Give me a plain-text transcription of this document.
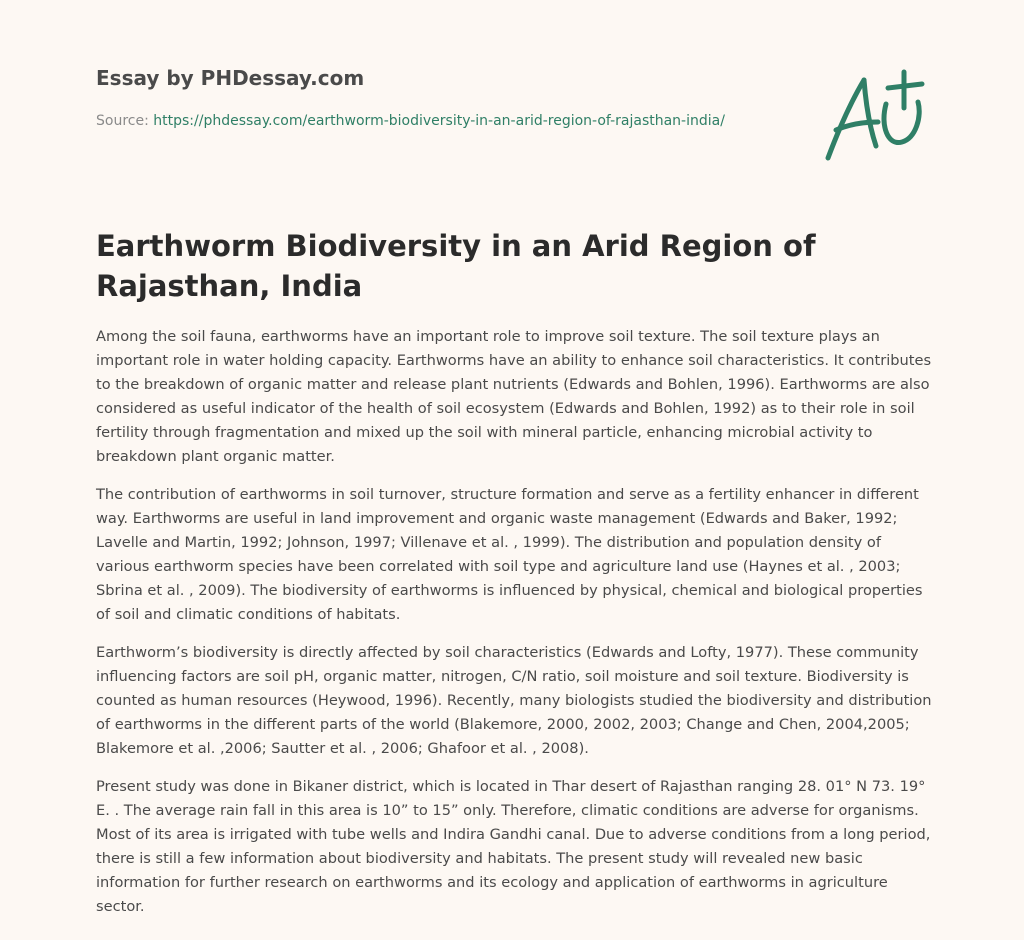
Essay by PHDessay.com
Source: https://phdessay.com/earthworm-biodiversity-in-an-arid-region-of-rajasthan-india/
Earthworm Biodiversity in an Arid Region of Rajasthan, India

Among the soil fauna, earthworms have an important role to improve soil texture. The soil texture plays an important role in water holding capacity. Earthworms have an ability to enhance soil characteristics. It contributes to the breakdown of organic matter and release plant nutrients (Edwards and Bohlen, 1996). Earthworms are also considered as useful indicator of the health of soil ecosystem (Edwards and Bohlen, 1992) as to their role in soil fertility through fragmentation and mixed up the soil with mineral particle, enhancing microbial activity to breakdown plant organic matter.

The contribution of earthworms in soil turnover, structure formation and serve as a fertility enhancer in different way. Earthworms are useful in land improvement and organic waste management (Edwards and Baker, 1992; Lavelle and Martin, 1992; Johnson, 1997; Villenave et al. , 1999). The distribution and population density of various earthworm species have been correlated with soil type and agriculture land use (Haynes et al. , 2003; Sbrina et al. , 2009). The biodiversity of earthworms is influenced by physical, chemical and biological properties of soil and climatic conditions of habitats.

Earthworm’s biodiversity is directly affected by soil characteristics (Edwards and Lofty, 1977). These community influencing factors are soil pH, organic matter, nitrogen, C/N ratio, soil moisture and soil texture. Biodiversity is counted as human resources (Heywood, 1996). Recently, many biologists studied the biodiversity and distribution of earthworms in the different parts of the world (Blakemore, 2000, 2002, 2003; Change and Chen, 2004,2005; Blakemore et al. ,2006; Sautter et al. , 2006; Ghafoor et al. , 2008).

Present study was done in Bikaner district, which is located in Thar desert of Rajasthan ranging 28. 01° N 73. 19° E. . The average rain fall in this area is 10” to 15” only. Therefore, climatic conditions are adverse for organisms. Most of its area is irrigated with tube wells and Indira Gandhi canal. Due to adverse conditions from a long period, there is still a few information about biodiversity and habitats. The present study will revealed new basic information for further research on earthworms and its ecology and application of earthworms in agriculture sector.
